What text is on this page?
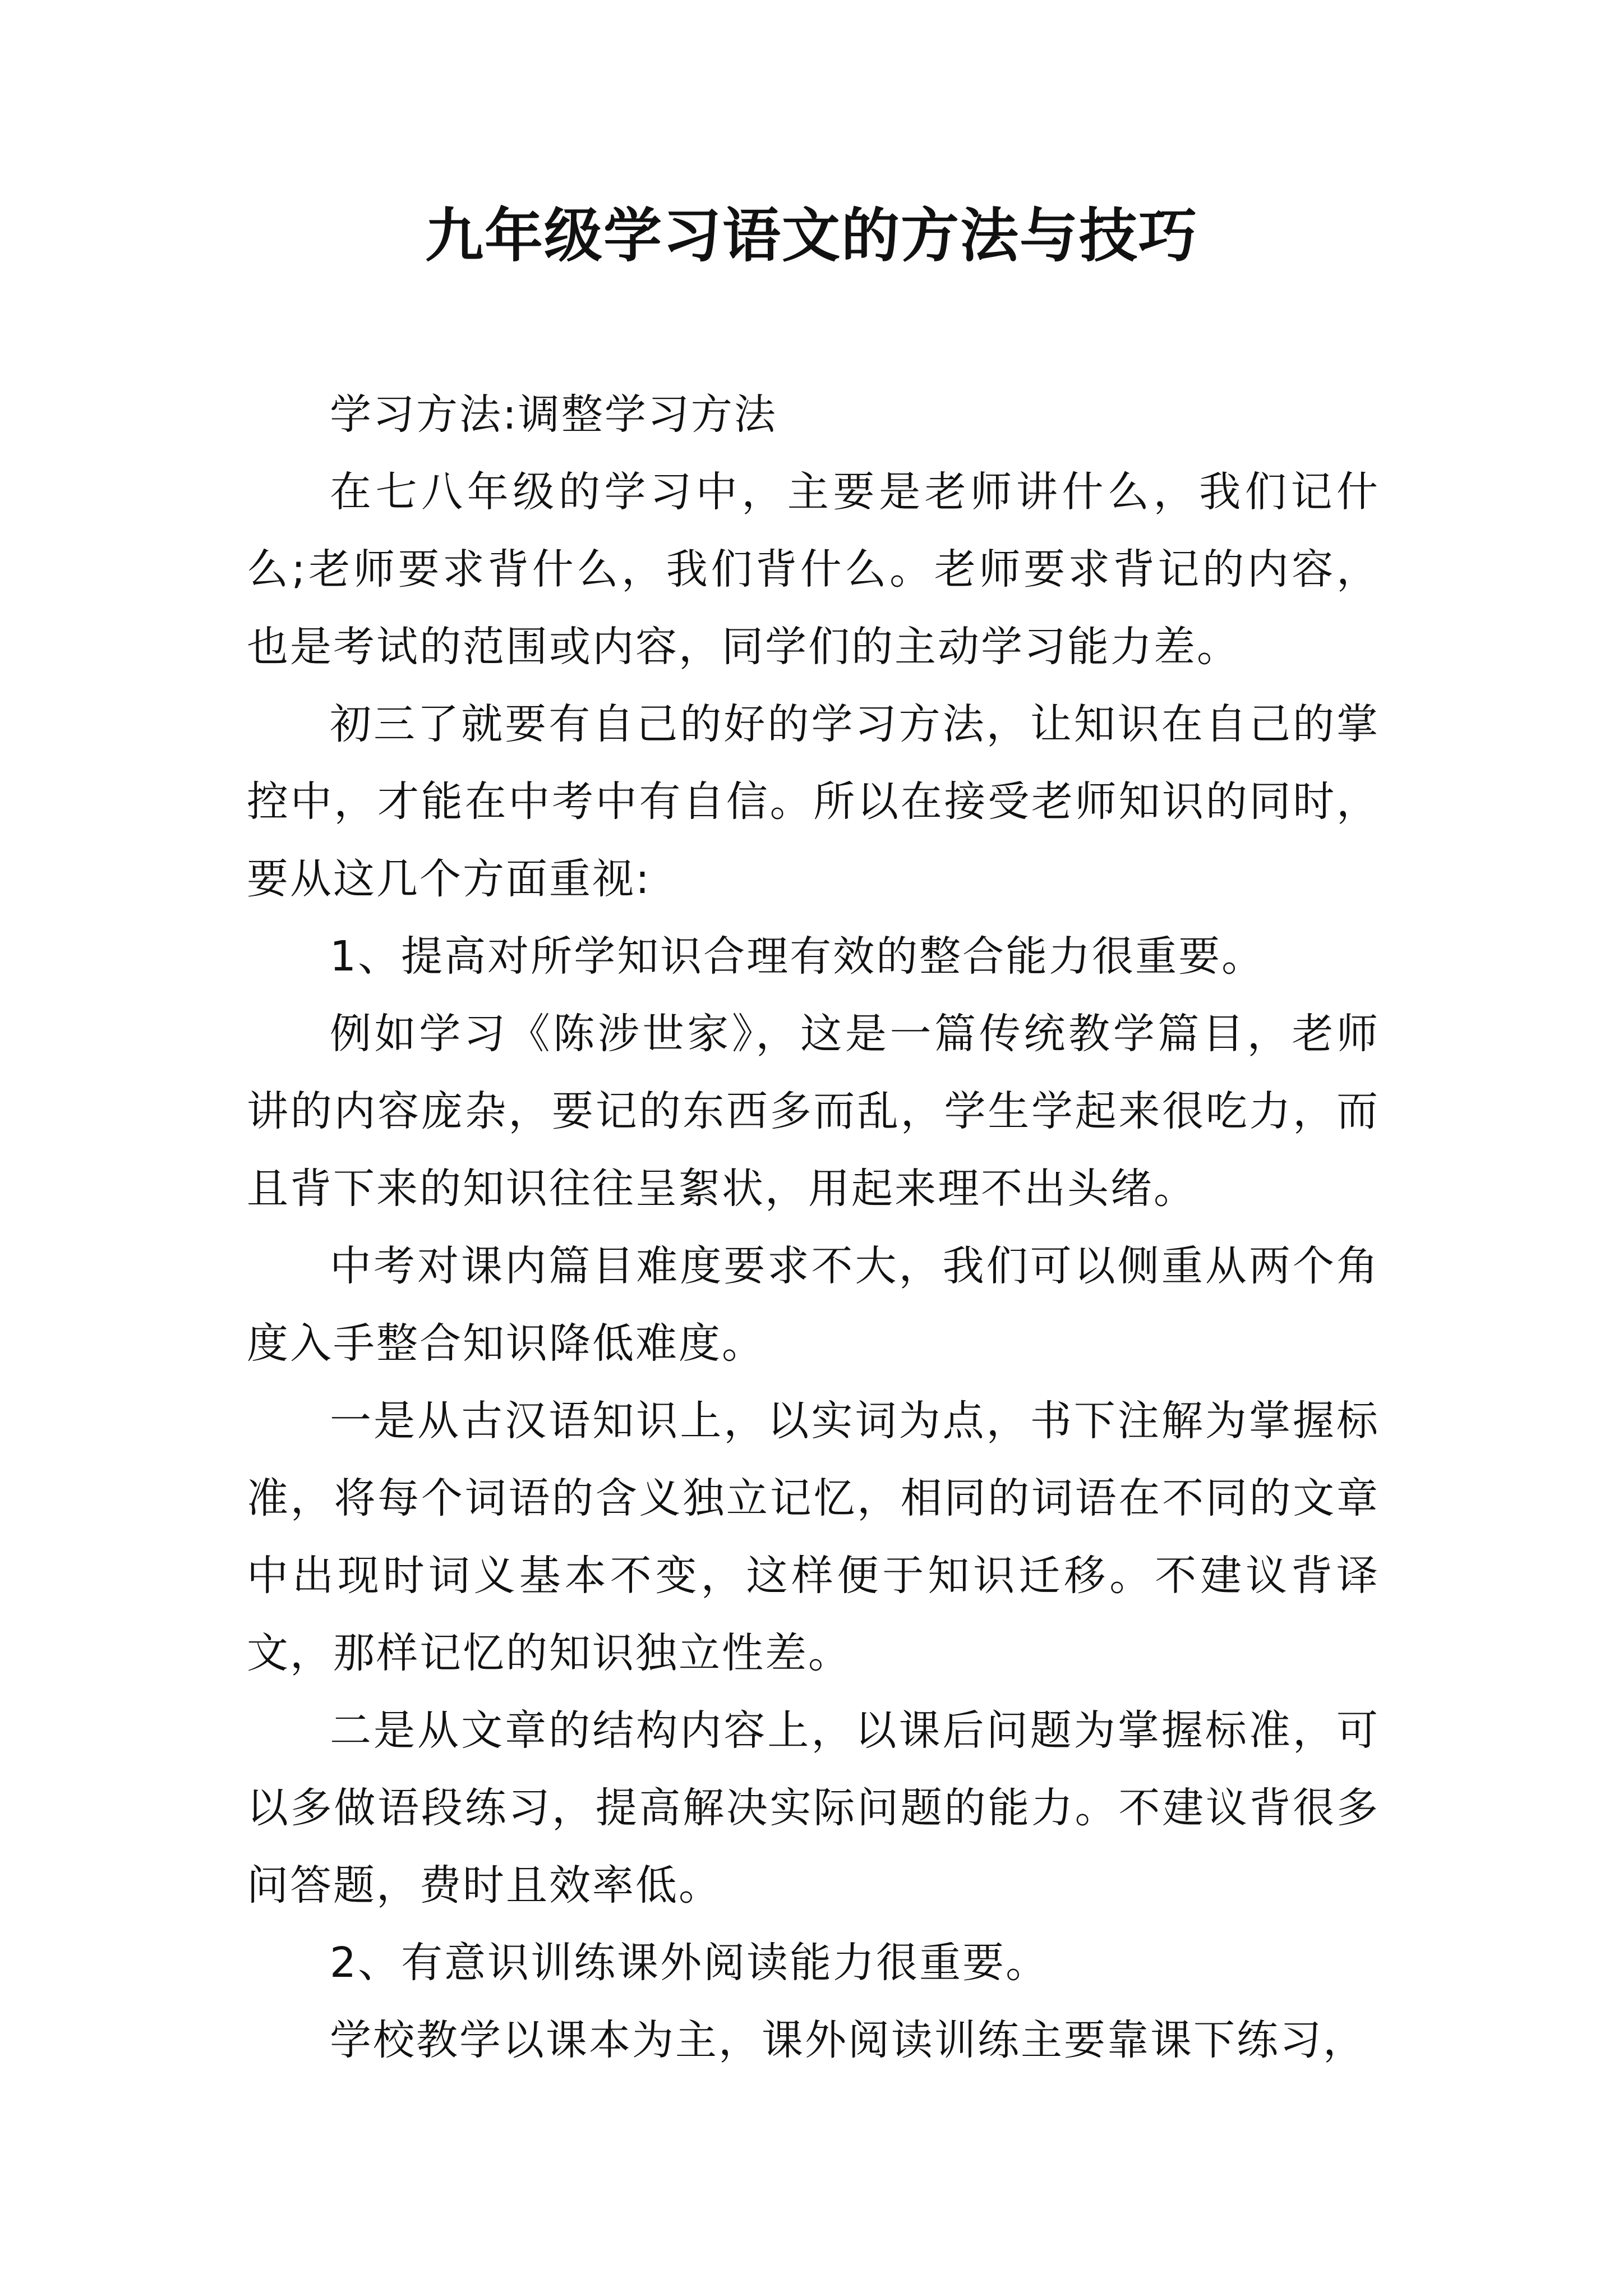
九年级学习语文的方法与技巧

学习方法:调整学习方法

在七八年级的学习中，主要是老师讲什么，我们记什么;老师要求背什么，我们背什么。老师要求背记的内容，也是考试的范围或内容，同学们的主动学习能力差。

初三了就要有自己的好的学习方法，让知识在自己的掌控中，才能在中考中有自信。所以在接受老师知识的同时，要从这几个方面重视:

1、提高对所学知识合理有效的整合能力很重要。

例如学习《陈涉世家》，这是一篇传统教学篇目，老师讲的内容庞杂，要记的东西多而乱，学生学起来很吃力，而且背下来的知识往往呈絮状，用起来理不出头绪。

中考对课内篇目难度要求不大，我们可以侧重从两个角度入手整合知识降低难度。

一是从古汉语知识上，以实词为点，书下注解为掌握标准，将每个词语的含义独立记忆，相同的词语在不同的文章中出现时词义基本不变，这样便于知识迁移。不建议背译文，那样记忆的知识独立性差。

二是从文章的结构内容上，以课后问题为掌握标准，可以多做语段练习，提高解决实际问题的能力。不建议背很多问答题，费时且效率低。

2、有意识训练课外阅读能力很重要。

学校教学以课本为主，课外阅读训练主要靠课下练习，
